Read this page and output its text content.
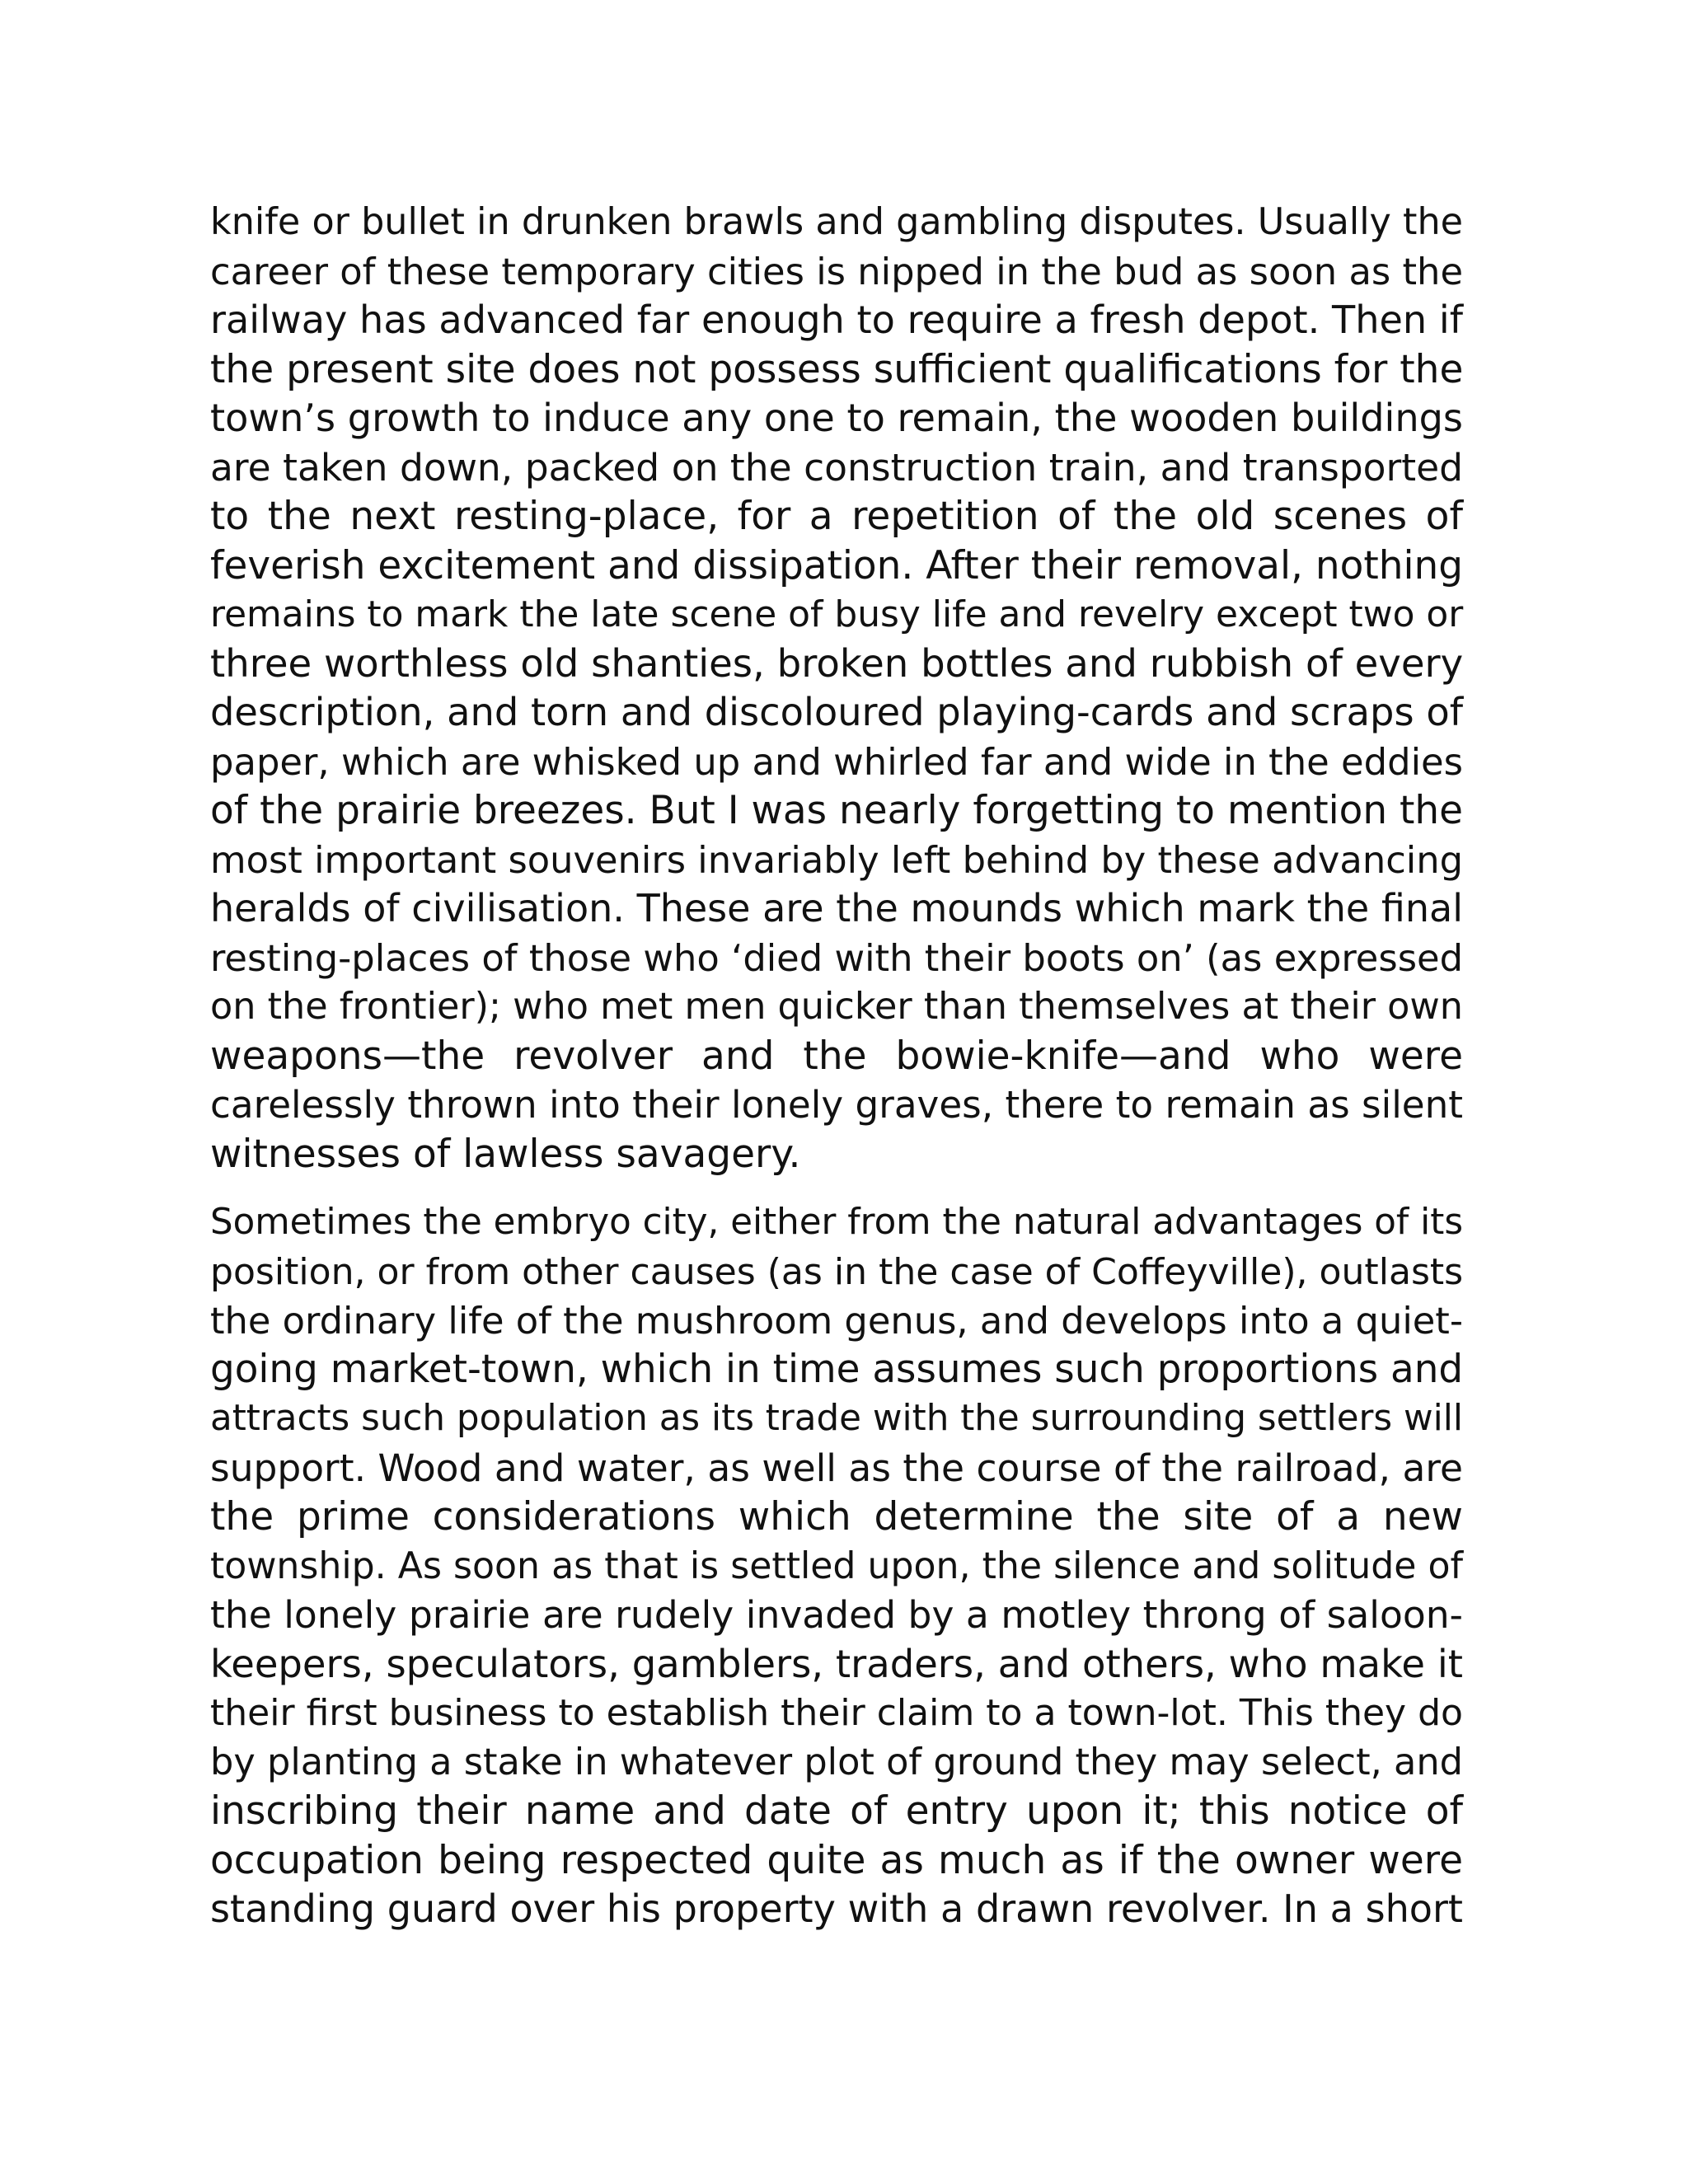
knife or bullet in drunken brawls and gambling disputes. Usually the
career of these temporary cities is nipped in the bud as soon as the
railway has advanced far enough to require a fresh depot. Then if
the present site does not possess sufficient qualifications for the
town’s growth to induce any one to remain, the wooden buildings
are taken down, packed on the construction train, and transported
to the next resting-place, for a repetition of the old scenes of
feverish excitement and dissipation. After their removal, nothing
remains to mark the late scene of busy life and revelry except two or
three worthless old shanties, broken bottles and rubbish of every
description, and torn and discoloured playing-cards and scraps of
paper, which are whisked up and whirled far and wide in the eddies
of the prairie breezes. But I was nearly forgetting to mention the
most important souvenirs invariably left behind by these advancing
heralds of civilisation. These are the mounds which mark the final
resting-places of those who ‘died with their boots on’ (as expressed
on the frontier); who met men quicker than themselves at their own
weapons—the revolver and the bowie-knife—and who were
carelessly thrown into their lonely graves, there to remain as silent
witnesses of lawless savagery.

Sometimes the embryo city, either from the natural advantages of its
position, or from other causes (as in the case of Coffeyville), outlasts
the ordinary life of the mushroom genus, and develops into a quiet-
going market-town, which in time assumes such proportions and
attracts such population as its trade with the surrounding settlers will
support. Wood and water, as well as the course of the railroad, are
the prime considerations which determine the site of a new
township. As soon as that is settled upon, the silence and solitude of
the lonely prairie are rudely invaded by a motley throng of saloon-
keepers, speculators, gamblers, traders, and others, who make it
their first business to establish their claim to a town-lot. This they do
by planting a stake in whatever plot of ground they may select, and
inscribing their name and date of entry upon it; this notice of
occupation being respected quite as much as if the owner were
standing guard over his property with a drawn revolver. In a short
